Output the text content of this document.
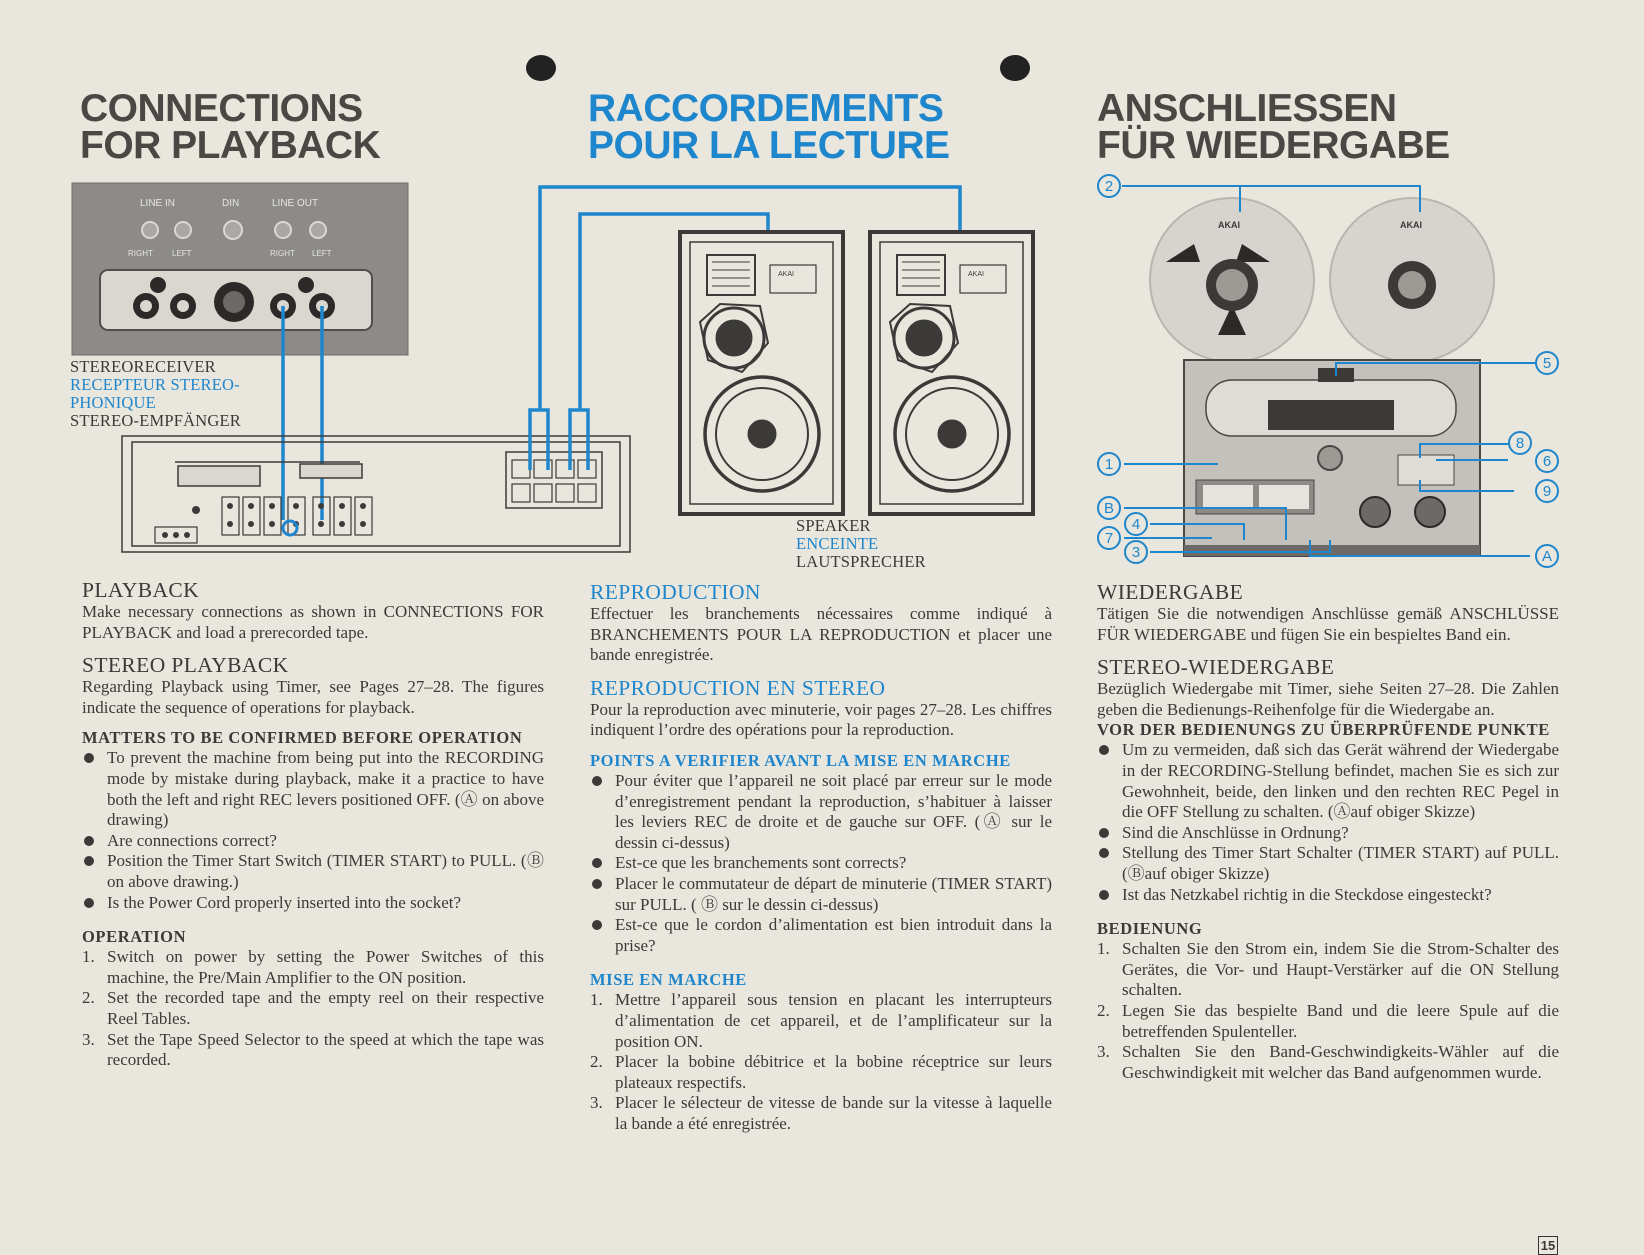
CONNECTIONS
FOR PLAYBACK
RACCORDEMENTS
POUR LA LECTURE
ANSCHLIESSEN
FÜR WIEDERGABE
LINE IN	DIN	LINE OUT
RIGHT LEFT	RIGHT LEFT
AKAI	AKAI
AKAI	AKAI
2
5
8
6
9
1
B
4
7
3	A
STEREORECEIVER
RECEPTEUR STEREO-PHONIQUE
STEREO-EMPFÄNGER
SPEAKER
ENCEINTE
LAUTSPRECHER
PLAYBACK

Make necessary connections as shown in CONNECTIONS FOR PLAYBACK and load a prerecorded tape.

STEREO PLAYBACK

Regarding Playback using Timer, see Pages 27–28. The figures indicate the sequence of operations for playback.

MATTERS TO BE CONFIRMED BEFORE OPERATION
To prevent the machine from being put into the RECORDING mode by mistake during playback, make it a practice to have both the left and right REC levers positioned OFF. (Ⓐ on above drawing)
Are connections correct?
Position the Timer Start Switch (TIMER START) to PULL. (Ⓑ on above drawing.)
Is the Power Cord properly inserted into the socket?
OPERATION
1. Switch on power by setting the Power Switches of this machine, the Pre/Main Amplifier to the ON position.
2. Set the recorded tape and the empty reel on their respective Reel Tables.
3. Set the Tape Speed Selector to the speed at which the tape was recorded.
REPRODUCTION

Effectuer les branchements nécessaires comme indiqué à BRANCHEMENTS POUR LA REPRODUCTION et placer une bande enregistrée.

REPRODUCTION EN STEREO

Pour la reproduction avec minuterie, voir pages 27–28. Les chiffres indiquent l’ordre des opérations pour la reproduction.

POINTS A VERIFIER AVANT LA MISE EN MARCHE
Pour éviter que l’appareil ne soit placé par erreur sur le mode d’enregistrement pendant la reproduction, s’habituer à laisser les leviers REC de droite et de gauche sur OFF. (Ⓐ sur le dessin ci-dessus)
Est-ce que les branchements sont corrects?
Placer le commutateur de départ de minuterie (TIMER START) sur PULL. ( Ⓑ sur le dessin ci-dessus)
Est-ce que le cordon d’alimentation est bien introduit dans la prise?
MISE EN MARCHE
1. Mettre l’appareil sous tension en placant les interrupteurs d’alimentation de cet appareil, et de l’amplificateur sur la position ON.
2. Placer la bobine débitrice et la bobine réceptrice sur leurs plateaux respectifs.
3. Placer le sélecteur de vitesse de bande sur la vitesse à laquelle la bande a été enregistrée.
WIEDERGABE

Tätigen Sie die notwendigen Anschlüsse gemäß ANSCHLÜSSE FÜR WIEDERGABE und fügen Sie ein bespieltes Band ein.

STEREO-WIEDERGABE

Bezüglich Wiedergabe mit Timer, siehe Seiten 27–28. Die Zahlen geben die Bedienungs-Reihenfolge für die Wiedergabe an.

VOR DER BEDIENUNGS ZU ÜBERPRÜFENDE PUNKTE
Um zu vermeiden, daß sich das Gerät während der Wiedergabe in der RECORDING-Stellung befindet, machen Sie es sich zur Gewohnheit, beide, den linken und den rechten REC Pegel in die OFF Stellung zu schalten. (Ⓐauf obiger Skizze)
Sind die Anschlüsse in Ordnung?
Stellung des Timer Start Schalter (TIMER START) auf PULL. (Ⓑauf obiger Skizze)
Ist das Netzkabel richtig in die Steckdose eingesteckt?
BEDIENUNG
1. Schalten Sie den Strom ein, indem Sie die Strom-Schalter des Gerätes, die Vor- und Haupt-Verstärker auf die ON Stellung schalten.
2. Legen Sie das bespielte Band und die leere Spule auf die betreffenden Spulenteller.
3. Schalten Sie den Band-Geschwindigkeits-Wähler auf die Geschwindigkeit mit welcher das Band aufgenommen wurde.
15
